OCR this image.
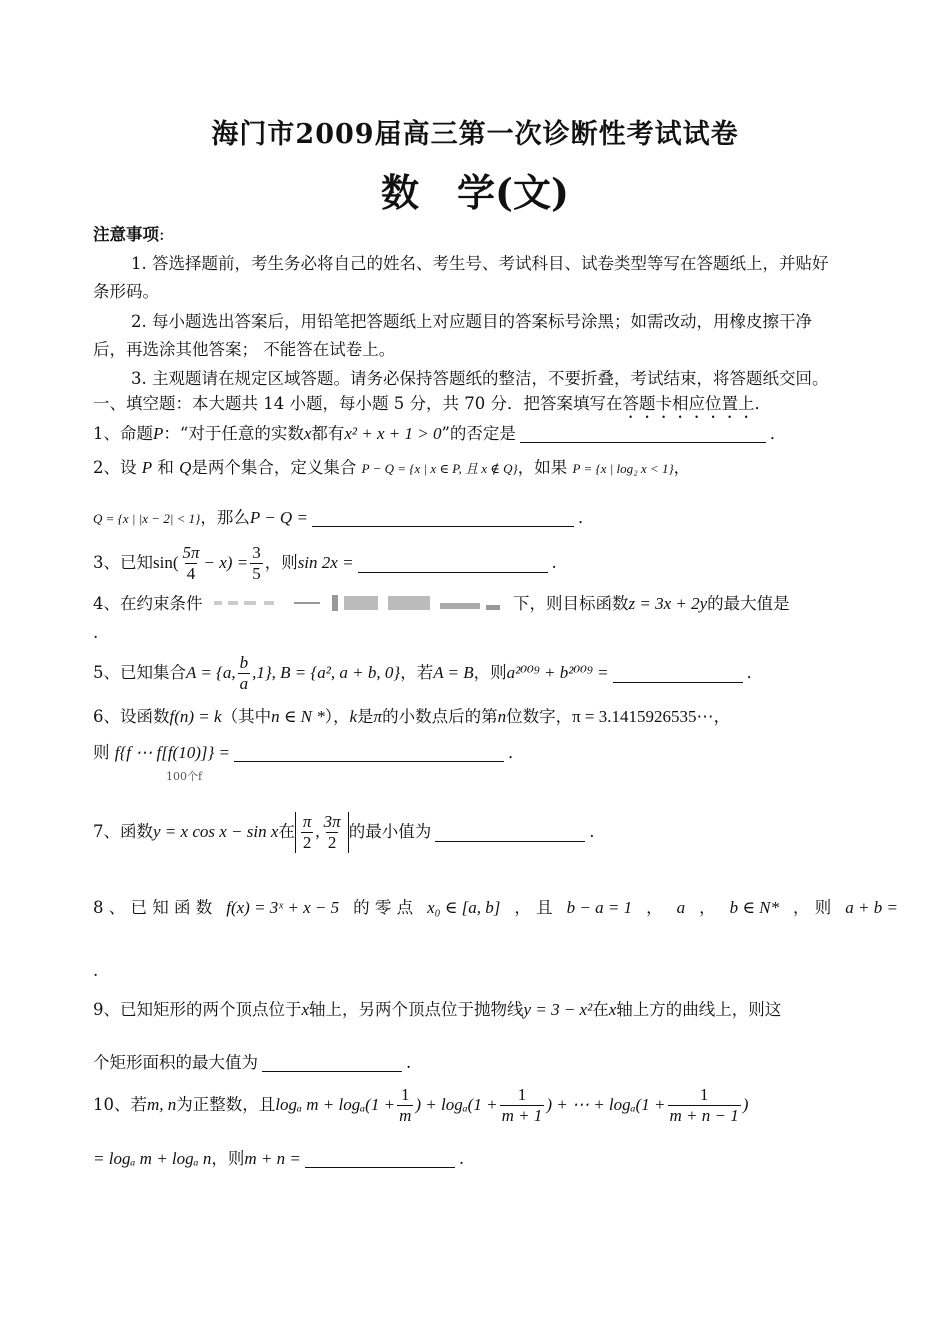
海门市2009届高三第一次诊断性考试试卷
数 学(文)
注意事项:
1. 答选择题前，考生务必将自己的姓名、考生号、考试科目、试卷类型等写在答题纸上，并贴好
条形码。
2. 每小题选出答案后，用铅笔把答题纸上对应题目的答案标号涂黑；如需改动，用橡皮擦干净
后，再选涂其他答案； 不能答在试卷上。
3. 主观题请在规定区域答题。请务必保持答题纸的整洁，不要折叠，考试结束，将答题纸交回。
一、填空题：本大题共 14 小题，每小题 5 分，共 70 分．把答案填写在答题卡相应位置上．
1、命题P：“对于任意的实数x都有x² + x + 1 > 0”的否定是	．
2、设 P 和 Q是两个集合，定义集合 P − Q = {x | x ∈ P, 且 x ∉ Q}，如果 P = {x | log₂ x < 1}，
Q = {x | |x − 2| < 1}，那么P − Q =	．
3、已知 $\sin( \frac{5\pi}{4} - x) = \frac{3}{5}$ ，则 sin 2x =	.
4、在约束条件	下，则目标函数z = 3x + 2y的最大值是
.
5、已知集合 A = {a, $\frac{b}{a} ,1$}, B = {a², a + b, 0} ，若 A = B ，则 a²⁰⁰⁹ + b²⁰⁰⁹ =	．
6、设函数f(n) = k（其中n ∈ N *），k是π的小数点后的第n位数字，π = 3.1415926535⋯，
则 f{f ⋯ f[f(10)]} =	．
100个f
7、函数 y = x cos x − sin x 在 $\frac{\pi}{2}$ , $\frac{3\pi}{2}$ 的最小值为	.
8 、 已 知 函 数 f(x) = 3ˣ + x − 5 的 零 点 x₀ ∈ [a, b] ， 且 b − a = 1 ， a ， b ∈ N* ， 则 a + b =
.
9、已知矩形的两个顶点位于x轴上，另两个顶点位于抛物线y = 3 − x²在x轴上方的曲线上，则这
个矩形面积的最大值为	.
10、若 m, n 为正整数，且 logₐ $m + \log_a(1 + \frac{1}{m}$ ) + $\log_a(1 + \frac{1}{m + 1}$ ) + ⋯ + $\log_a(1 + \frac{1}{m + n - 1}$ )
= logₐ m + logₐ n，则m + n =	.
